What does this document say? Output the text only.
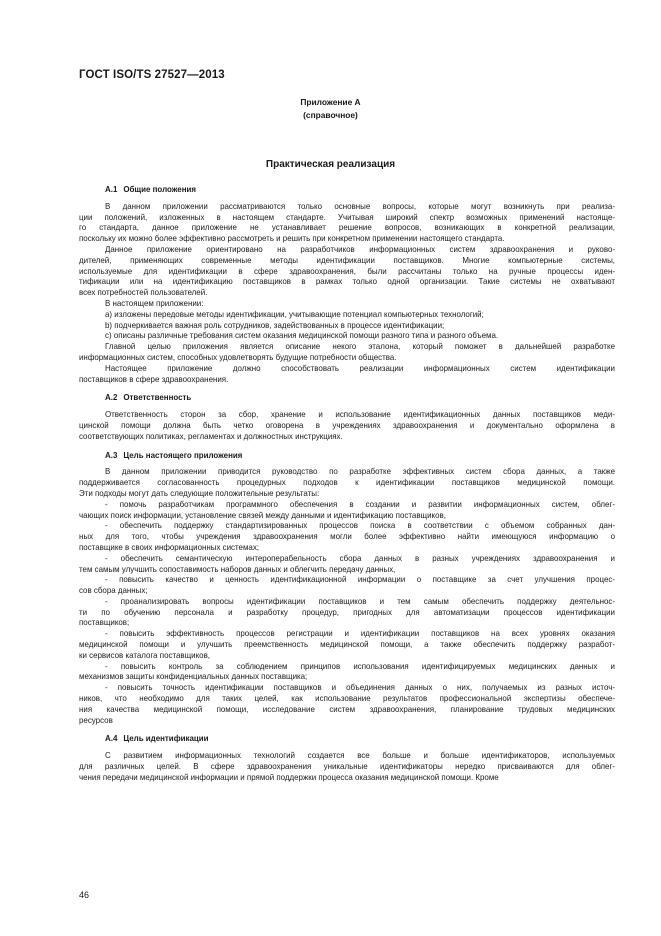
ГОСТ ISO/TS 27527—2013
Приложение А
(справочное)
Практическая реализация
А.1 Общие положения
В данном приложении рассматриваются только основные вопросы, которые могут возникнуть при реализа-
ции положений, изложенных в настоящем стандарте. Учитывая широкий спектр возможных применений настояще-
го стандарта, данное приложение не устанавливает решение вопросов, возникающих в конкретной реализации,
поскольку их можно более эффективно рассмотреть и решить при конкретном применении настоящего стандарта.
Данное приложение ориентировано на разработчиков информационных систем здравоохранения и руково-
дителей, применяющих современные методы идентификации поставщиков. Многие компьютерные системы,
используемые для идентификации в сфере здравоохранения, были рассчитаны только на ручные процессы иден-
тификации или на идентификацию поставщиков в рамках только одной организации. Такие системы не охватывают
всех потребностей пользователей.
В настоящем приложении:
а) изложены передовые методы идентификации, учитывающие потенциал компьютерных технологий;
b) подчеркивается важная роль сотрудников, задействованных в процессе идентификации;
с) описаны различные требования систем оказания медицинской помощи разного типа и разного объема.
Главной целью приложения является описание некого эталона, который поможет в дальнейшей разработке
информационных систем, способных удовлетворять будущие потребности общества.
Настоящее приложение должно способствовать реализации информационных систем идентификации
поставщиков в сфере здравоохранения.
А.2 Ответственность
Ответственность сторон за сбор, хранение и использование идентификационных данных поставщиков меди-
цинской помощи должна быть четко оговорена в учреждениях здравоохранения и документально оформлена в
соответствующих политиках, регламентах и должностных инструкциях.
А.3 Цель настоящего приложения
В данном приложении приводится руководство по разработке эффективных систем сбора данных, а также
поддерживается согласованность процедурных подходов к идентификации поставщиков медицинской помощи.
Эти подходы могут дать следующие положительные результаты:
- помочь разработчикам программного обеспечения в создании и развитии информационных систем, облег-
чающих поиск информации, установление связей между данными и идентификацию поставщиков,
- обеспечить поддержку стандартизированных процессов поиска в соответствии с объемом собранных дан-
ных для того, чтобы учреждения здравоохранения могли более эффективно найти имеющуюся информацию о
поставщике в своих информационных системах;
- обеспечить семантическую интероперабельность сбора данных в разных учреждениях здравоохранения и
тем самым улучшить сопоставимость наборов данных и облегчить передачу данных,
- повысить качество и ценность идентификационной информации о поставщике за счет улучшения процес-
сов сбора данных;
- проанализировать вопросы идентификации поставщиков и тем самым обеспечить поддержку деятельнос-
ти по обучению персонала и разработку процедур, пригодных для автоматизации процессов идентификации
поставщиков;
- повысить эффективность процессов регистрации и идентификации поставщиков на всех уровнях оказания
медицинской помощи и улучшить преемственность медицинской помощи, а также обеспечить поддержку разработ-
ки сервисов каталога поставщиков,
- повысить контроль за соблюдением принципов использования идентифицируемых медицинских данных и
механизмов защиты конфиденциальных данных поставщика;
- повысить точность идентификации поставщиков и объединения данных о них, получаемых из разных источ-
ников, что необходимо для таких целей, как использование результатов профессиональной экспертизы обеспече-
ния качества медицинской помощи, исследование систем здравоохранения, планирование трудовых медицинских
ресурсов
А.4 Цель идентификации
С развитием информационных технологий создается все больше и больше идентификаторов, используемых
для различных целей. В сфере здравоохранения уникальные идентификаторы нередко присваиваются для облег-
чения передачи медицинской информации и прямой поддержки процесса оказания медицинской помощи. Кроме
46
